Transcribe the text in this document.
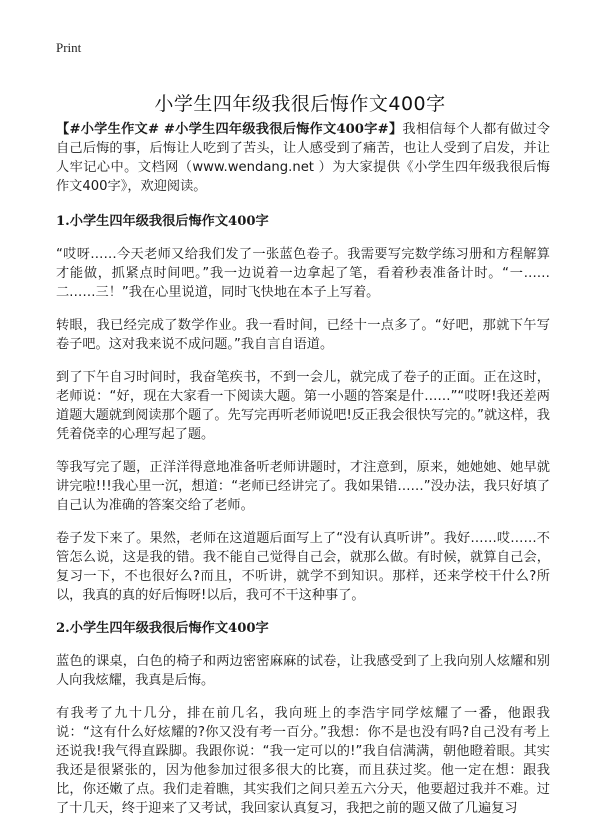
Print
小学生四年级我很后悔作文400字

【#小学生作文# #小学生四年级我很后悔作文400字#】我相信每个人都有做过令自己后悔的事，后悔让人吃到了苦头，让人感受到了痛苦，也让人受到了启发，并让人牢记心中。文档网（www.wendang.net ）为大家提供《小学生四年级我很后悔作文400字》，欢迎阅读。

1.小学生四年级我很后悔作文400字

“哎呀……今天老师又给我们发了一张蓝色卷子。我需要写完数学练习册和方程解算才能做，抓紧点时间吧。”我一边说着一边拿起了笔，看着秒表准备计时。“一……二……三！”我在心里说道，同时飞快地在本子上写着。

转眼，我已经完成了数学作业。我一看时间，已经十一点多了。“好吧，那就下午写卷子吧。这对我来说不成问题。”我自言自语道。

到了下午自习时间时，我奋笔疾书，不到一会儿，就完成了卷子的正面。正在这时，老师说：“好，现在大家看一下阅读大题。第一小题的答案是什……”“哎呀!我还差两道题大题就到阅读那个题了。先写完再听老师说吧!反正我会很快写完的。”就这样，我凭着侥幸的心理写起了题。

等我写完了题，正洋洋得意地准备听老师讲题时，才注意到，原来，她她她、她早就讲完啦!!!我心里一沉，想道：“老师已经讲完了。我如果错……”没办法，我只好填了自己认为准确的答案交给了老师。

卷子发下来了。果然，老师在这道题后面写上了“没有认真听讲”。我好……哎……不管怎么说，这是我的错。我不能自己觉得自己会，就那么做。有时候，就算自己会，复习一下，不也很好么?而且，不听讲，就学不到知识。那样，还来学校干什么?所以，我真的真的好后悔呀!以后，我可不干这种事了。

2.小学生四年级我很后悔作文400字

蓝色的课桌，白色的椅子和两边密密麻麻的试卷，让我感受到了上我向别人炫耀和别人向我炫耀，我真是后悔。

有我考了九十几分，排在前几名，我向班上的李浩宇同学炫耀了一番，他跟我说：“这有什么好炫耀的?你又没有考一百分。”我想：你不是也没有吗?自己没有考上还说我!我气得直跺脚。我跟你说：“我一定可以的!”我自信满满，朝他瞪着眼。其实我还是很紧张的，因为他参加过很多很大的比赛，而且获过奖。他一定在想：跟我比，你还嫩了点。我们走着瞧，其实我们之间只差五六分天，他要超过我并不难。过了十几天，终于迎来了又考试，我回家认真复习，我把之前的题又做了几遍复习
